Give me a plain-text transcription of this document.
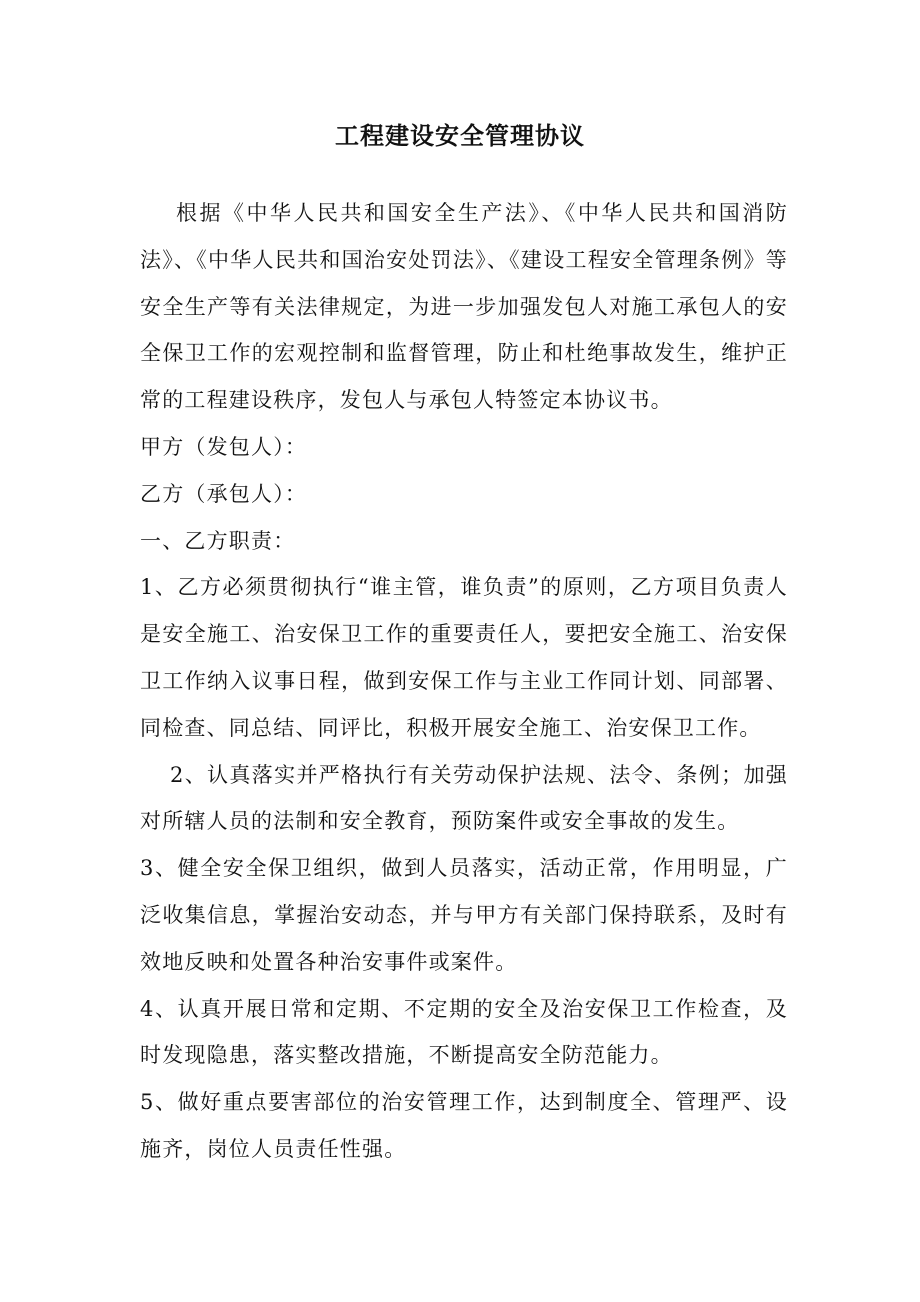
工程建设安全管理协议

根据《中华人民共和国安全生产法》、《中华人民共和国消防法》、《中华人民共和国治安处罚法》、《建设工程安全管理条例》等安全生产等有关法律规定，为进一步加强发包人对施工承包人的安全保卫工作的宏观控制和监督管理，防止和杜绝事故发生，维护正常的工程建设秩序，发包人与承包人特签定本协议书。

甲方（发包人）：

乙方（承包人）：

一、乙方职责：

1、乙方必须贯彻执行“谁主管，谁负责”的原则，乙方项目负责人是安全施工、治安保卫工作的重要责任人，要把安全施工、治安保卫工作纳入议事日程，做到安保工作与主业工作同计划、同部署、同检查、同总结、同评比，积极开展安全施工、治安保卫工作。

2、认真落实并严格执行有关劳动保护法规、法令、条例；加强对所辖人员的法制和安全教育，预防案件或安全事故的发生。

3、健全安全保卫组织，做到人员落实，活动正常，作用明显，广泛收集信息，掌握治安动态，并与甲方有关部门保持联系，及时有效地反映和处置各种治安事件或案件。

4、认真开展日常和定期、不定期的安全及治安保卫工作检查，及时发现隐患，落实整改措施，不断提高安全防范能力。

5、做好重点要害部位的治安管理工作，达到制度全、管理严、设施齐，岗位人员责任性强。
